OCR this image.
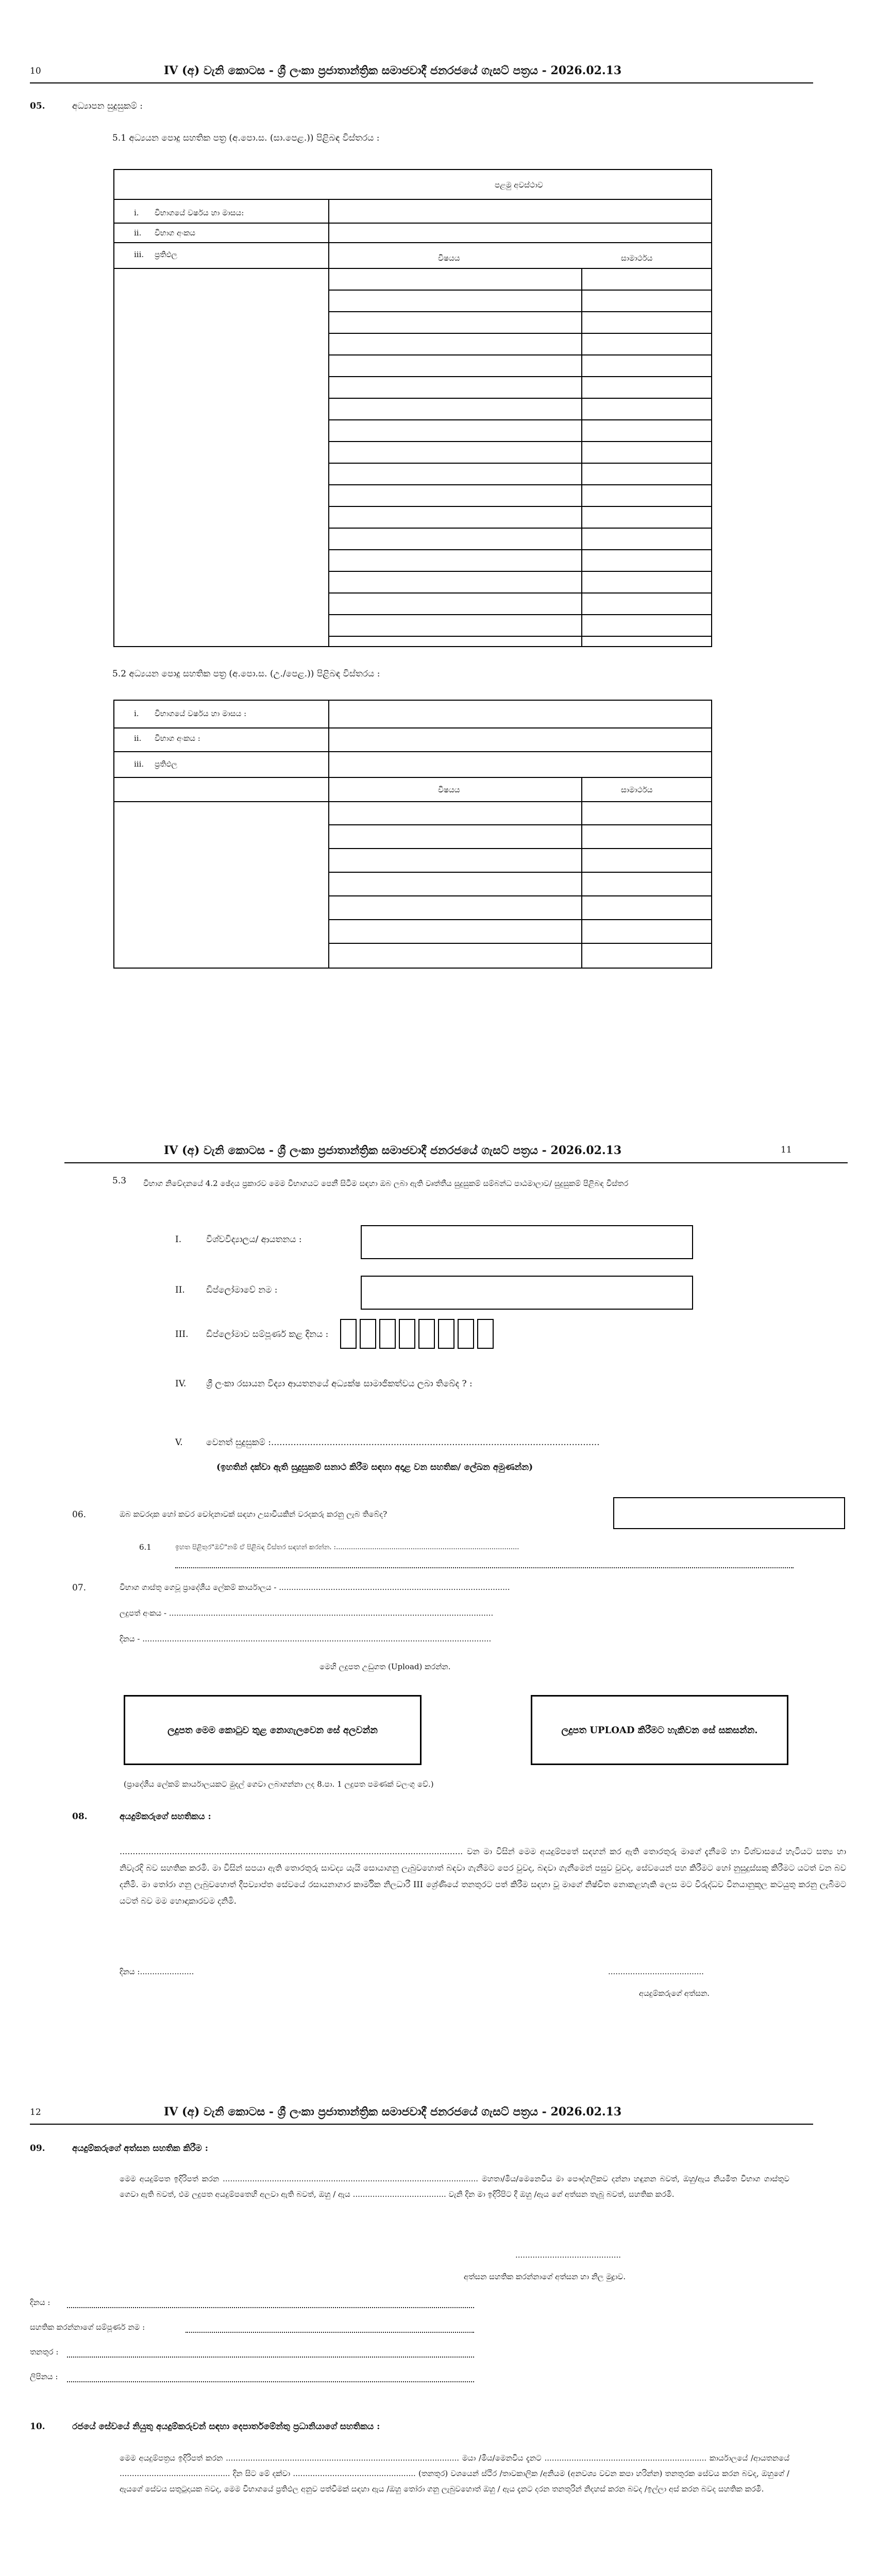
10	IV (අ) වැනි කොටස - ශ්‍රී ලංකා ප්‍රජාතාන්ත්‍රික සමාජවාදී ජනරජයේ ගැසට් පත්‍රය - 2026.02.13
05.	අධ්‍යාපන සුදුසුකම් :
5.1 අධ්‍යයන පොදු සහතික පත්‍ර (අ.පො.ස. (සා.පෙළ.)) පිළිබඳ විස්තරය :
පළමු අවස්ථාව
i. විභාගයේ වර්ෂය හා මාසය:
ii. විභාග අංකය
iii. ප්‍රතිඵල	විෂයය	සාමාර්ථය
5.2 අධ්‍යයන පොදු සහතික පත්‍ර (අ.පො.ස. (උ./පෙළ.)) පිළිබඳ විස්තරය :
i. විභාගයේ වර්ෂය හා මාසය :
ii. විභාග අංකය :
iii. ප්‍රතිඵල
විෂයය	සාමාර්ථය
IV (අ) වැනි කොටස - ශ්‍රී ලංකා ප්‍රජාතාන්ත්‍රික සමාජවාදී ජනරජයේ ගැසට් පත්‍රය - 2026.02.13	11
5.3 විභාග නිවේදනයේ 4.2 ඡේදය ප්‍රකාරව මෙම විභාගයට පෙනී සිටීම සඳහා ඔබ ලබා ඇති වෘත්තීය සුදුසුකම් සම්බන්ධ පාඨමාලාව/ සුදුසුකම් පිළිබඳ විස්තර
I.	විශ්වවිද්‍යාලය/ ආයතනය :
II. ඩිප්ලෝමාවේ නම :
III. ඩිප්ලෝමාව සම්පූර්ණ කළ දිනය :
IV. ශ්‍රී ලංකා රසායන විද්‍යා ආයතනයේ අධ්‍යක්ෂ සාමාජිකත්වය ලබා තිබේද ? :
V.	වෙනත් සුදුසුකම් :......................................................................................................................
(ඉහතින් දක්වා ඇති සුදුසුකම් සනාථ කිරීම සඳහා අදාළ වන සහතික/ ලේඛන අමුණන්න)
06.	ඔබ කවරදාක හෝ කවර චෝදනාවක් සඳහා උසාවියකින් වරදකරු කරනු ලැබ තිබේද?
6.1	ඉහත පිළිතුර"ඔව්"නම් ඒ පිළිබඳ විස්තර සඳහන් කරන්න. :......................................................................................
07.	විභාග ගාස්තු ගෙවූ ප්‍රාදේශීය ලේකම් කාර්යාලය - ..............................................................................................
ලදුපත් අංකය - ....................................................................................................................................
දිනය - ..............................................................................................................................................
මෙහි ලදුපත උඩුගත (Upload) කරන්න.
ලදුපත මෙම කොටුව තුළ නොගැලවෙන සේ අලවන්න	ලදුපත UPLOAD කිරීමට හැකිවන සේ සකසන්න.
(ප්‍රාදේශීය ලේකම් කාර්යාලයකට මුදල් ගෙවා ලබාගන්නා ලද 8.පා. 1 ලදුපත පමණක් වලංගු වේ.)
08.	අයදුම්කරුගේ සහතිකය :
................................................................................................................................... වන මා විසින් මෙම අයදුම්පතේ සඳහන් කර ඇති තොරතුරු මාගේ දැනීමේ හා විශ්වාසයේ හැටියට සත්‍ය හා නිවැරදි බව සහතික කරමි. මා විසින් සපයා ඇති තොරතුරු සාවද්‍ය යැයි සොයාගනු ලැබුවහොත් බඳවා ගැනීමට පෙර වුවද, බඳවා ගැනීමෙන් පසුව වුවද, සේවයෙන් පහ කිරීමට හෝ නුසුදුස්සකු කිරීමට යටත් වන බව දනිමි. මා තෝරා ගනු ලැබුවහොත් දීපව්‍යාප්ත සේවයේ රසායනාගාර කාර්මික නිලධාරී III ශ්‍රේණියේ තනතුරට පත් කිරීම සඳහා වූ මාගේ නිෂ්චිත නොකළහැකි ලෙස මට විරුද්ධව විනයානුකූල කටයුතු කරනු ලැබීමට යටත් බව මම හොඳාකාරවම දනිමි.
දිනය :......................	.......................................
අයදුම්කරුගේ අත්සන.
12	IV (අ) වැනි කොටස - ශ්‍රී ලංකා ප්‍රජාතාන්ත්‍රික සමාජවාදී ජනරජයේ ගැසට් පත්‍රය - 2026.02.13
09.	අයදුම්කරුගේ අත්සන සහතික කිරීම :
මෙම අයදුම්පත ඉදිරිපත් කරන ........................................................................................................ මහතා/මිය/මෙනෙවිය මා පෞද්ගලිකව දන්නා හඳුනන බවත්, ඔහු/ඇය නියමිත විභාග ගාස්තුව ගෙවා ඇති බවත්, එම ලදුපත අයදුම්පතෙහි අලවා ඇති බවත්, ඔහු / ඇය ...................................... වැනි දින මා ඉදිරිපිට දී ඔහු /ඇය ගේ අත්සන තැබූ බවත්, සහතික කරමි.
...........................................
අත්සන සහතික කරන්නාගේ අත්සන හා නිල මුද්‍රාව.
දිනය :
සහතික කරන්නාගේ සම්පූර්ණ නම :
තනතුර :
ලිපිනය :
10.	රජයේ සේවයේ නියුතු අයදුම්කරුවන් සඳහා දෙපාර්තමේන්තු ප්‍රධානියාගේ සහතිකය :
මෙම අයදුම්පත්‍රය ඉදිරිපත් කරන ............................................................................................... මයා /මිය/මෙනවිය දැනට .................................................................. කාර්යාලයේ /ආයතනයේ ............................................. දින සිට මේ දක්වා .................................................. (තනතුර) වශයෙන් ස්ථිර /තාවකාලික /අනියම (අනවශ්‍ය වචන කපා හරින්න) තනතුරක සේවය කරන බවද, ඔහුගේ / ඇයගේ සේවය සතුටුදායක බවද, මෙම විභාගයේ ප්‍රතිඵල අනුව පත්වීමක් සඳහා ඇය /ඔහු තෝරා ගනු ලැබුවහොත් ඔහු / ඇය දැනට දරන තනතුරින් නිදහස් කරන බවද /ඉල්ලා අස් කරන බවද සහතික කරමි.
